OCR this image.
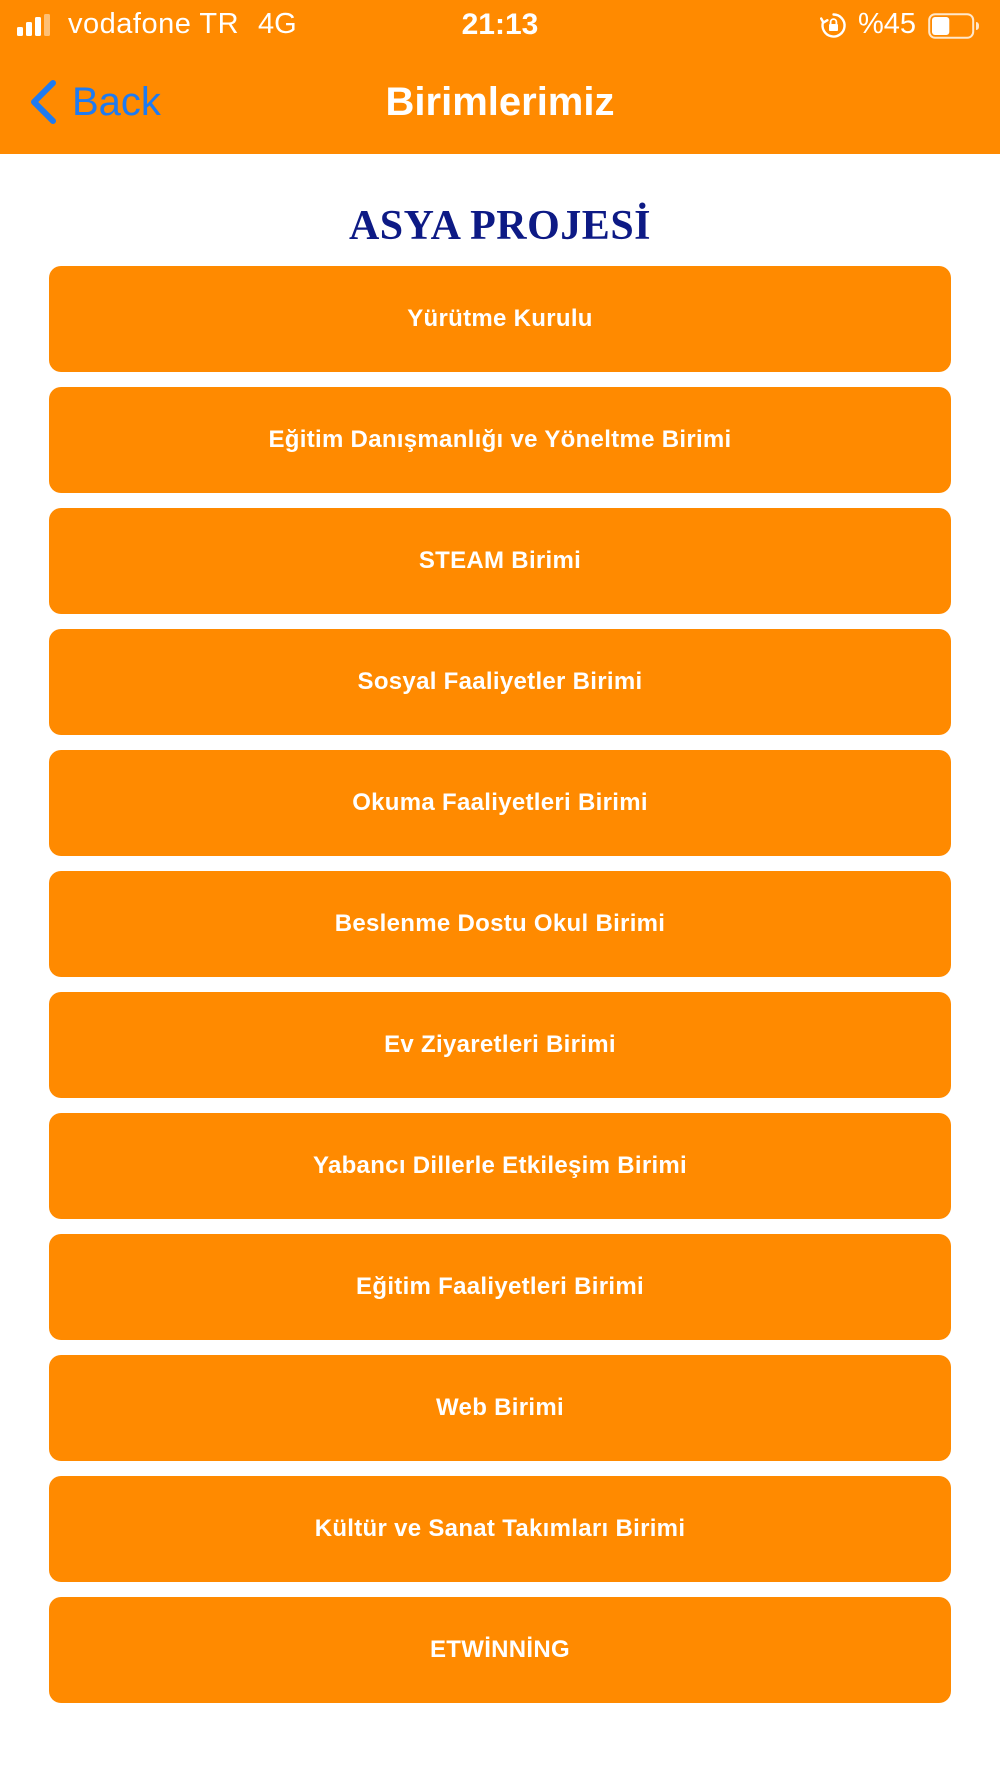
vodafone TR 4G	21:13	%45
Back	Birimlerimiz
ASYA PROJESİ
Yürütme Kurulu
Eğitim Danışmanlığı ve Yöneltme Birimi
STEAM Birimi
Sosyal Faaliyetler Birimi
Okuma Faaliyetleri Birimi
Beslenme Dostu Okul Birimi
Ev Ziyaretleri Birimi
Yabancı Dillerle Etkileşim Birimi
Eğitim Faaliyetleri Birimi
Web Birimi
Kültür ve Sanat Takımları Birimi
ETWİNNİNG
